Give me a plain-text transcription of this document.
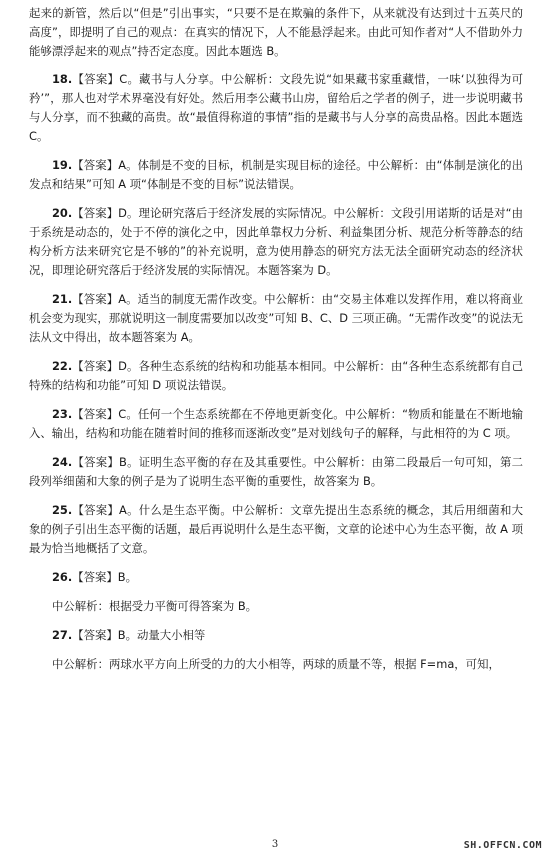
起来的新管，然后以“但是”引出事实，“只要不是在欺骗的条件下，从来就没有达到过十五英尺的高度”，即提明了自己的观点：在真实的情况下，人不能悬浮起来。由此可知作者对“人不借助外力能够漂浮起来的观点”持否定态度。因此本题选 B。

18.【答案】C。藏书与人分享。中公解析：文段先说“如果藏书家重藏惜，一味‘以独得为可矜’”，那人也对学术界毫没有好处。然后用李公藏书山房，留给后之学者的例子，进一步说明藏书与人分享，而不独藏的高贵。故“最值得称道的事情”指的是藏书与人分享的高贵品格。因此本题选 C。

19.【答案】A。体制是不变的目标，机制是实现目标的途径。中公解析：由“体制是演化的出发点和结果”可知 A 项“体制是不变的目标”说法错误。

20.【答案】D。理论研究落后于经济发展的实际情况。中公解析：文段引用诺斯的话是对“由于系统是动态的，处于不停的演化之中，因此单靠权力分析、利益集团分析、规范分析等静态的结构分析方法来研究它是不够的”的补充说明，意为使用静态的研究方法无法全面研究动态的经济状况，即理论研究落后于经济发展的实际情况。本题答案为 D。

21.【答案】A。适当的制度无需作改变。中公解析：由“交易主体难以发挥作用，难以将商业机会变为现实，那就说明这一制度需要加以改变”可知 B、C、D 三项正确。“无需作改变”的说法无法从文中得出，故本题答案为 A。

22.【答案】D。各种生态系统的结构和功能基本相同。中公解析：由“各种生态系统都有自己特殊的结构和功能”可知 D 项说法错误。

23.【答案】C。任何一个生态系统都在不停地更新变化。中公解析：“物质和能量在不断地输入、输出，结构和功能在随着时间的推移而逐渐改变”是对划线句子的解释，与此相符的为 C 项。

24.【答案】B。证明生态平衡的存在及其重要性。中公解析：由第二段最后一句可知，第二段列举细菌和大象的例子是为了说明生态平衡的重要性，故答案为 B。

25.【答案】A。什么是生态平衡。中公解析：文章先提出生态系统的概念，其后用细菌和大象的例子引出生态平衡的话题，最后再说明什么是生态平衡，文章的论述中心为生态平衡，故 A 项最为恰当地概括了文意。

26.【答案】B。

中公解析：根据受力平衡可得答案为 B。

27.【答案】B。动量大小相等

中公解析：两球水平方向上所受的力的大小相等，两球的质量不等，根据 F=ma，可知，

3	SH.OFFCN.COM
